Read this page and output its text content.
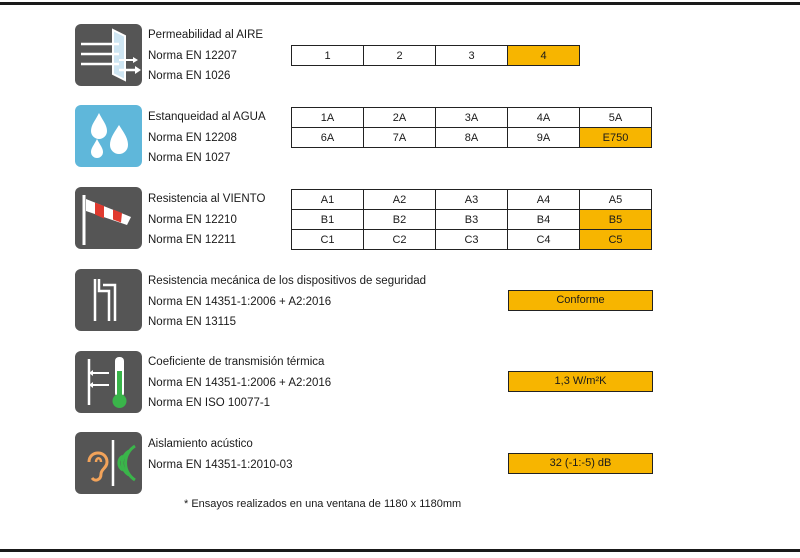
Permeabilidad al AIRE
Norma EN 12207
Norma EN 1026
1	2	3	4
Estanqueidad al AGUA
Norma EN 12208
Norma EN 1027
1A	2A	3A	4A	5A
6A	7A	8A	9A	E750
Resistencia al VIENTO
Norma EN 12210
Norma EN 12211
A1	A2	A3	A4	A5
B1	B2	B3	B4	B5
C1	C2	C3	C4	C5
Resistencia mecánica de los dispositivos de seguridad
Norma EN 14351-1:2006 + A2:2016
Norma EN 13115
Conforme
Coeficiente de transmisión térmica
Norma EN 14351-1:2006 + A2:2016
Norma EN ISO 10077-1
1,3 W/m²K
Aislamiento acústico
Norma EN 14351-1:2010-03	32 (-1:-5) dB
* Ensayos realizados en una ventana de 1180 x 1180mm
